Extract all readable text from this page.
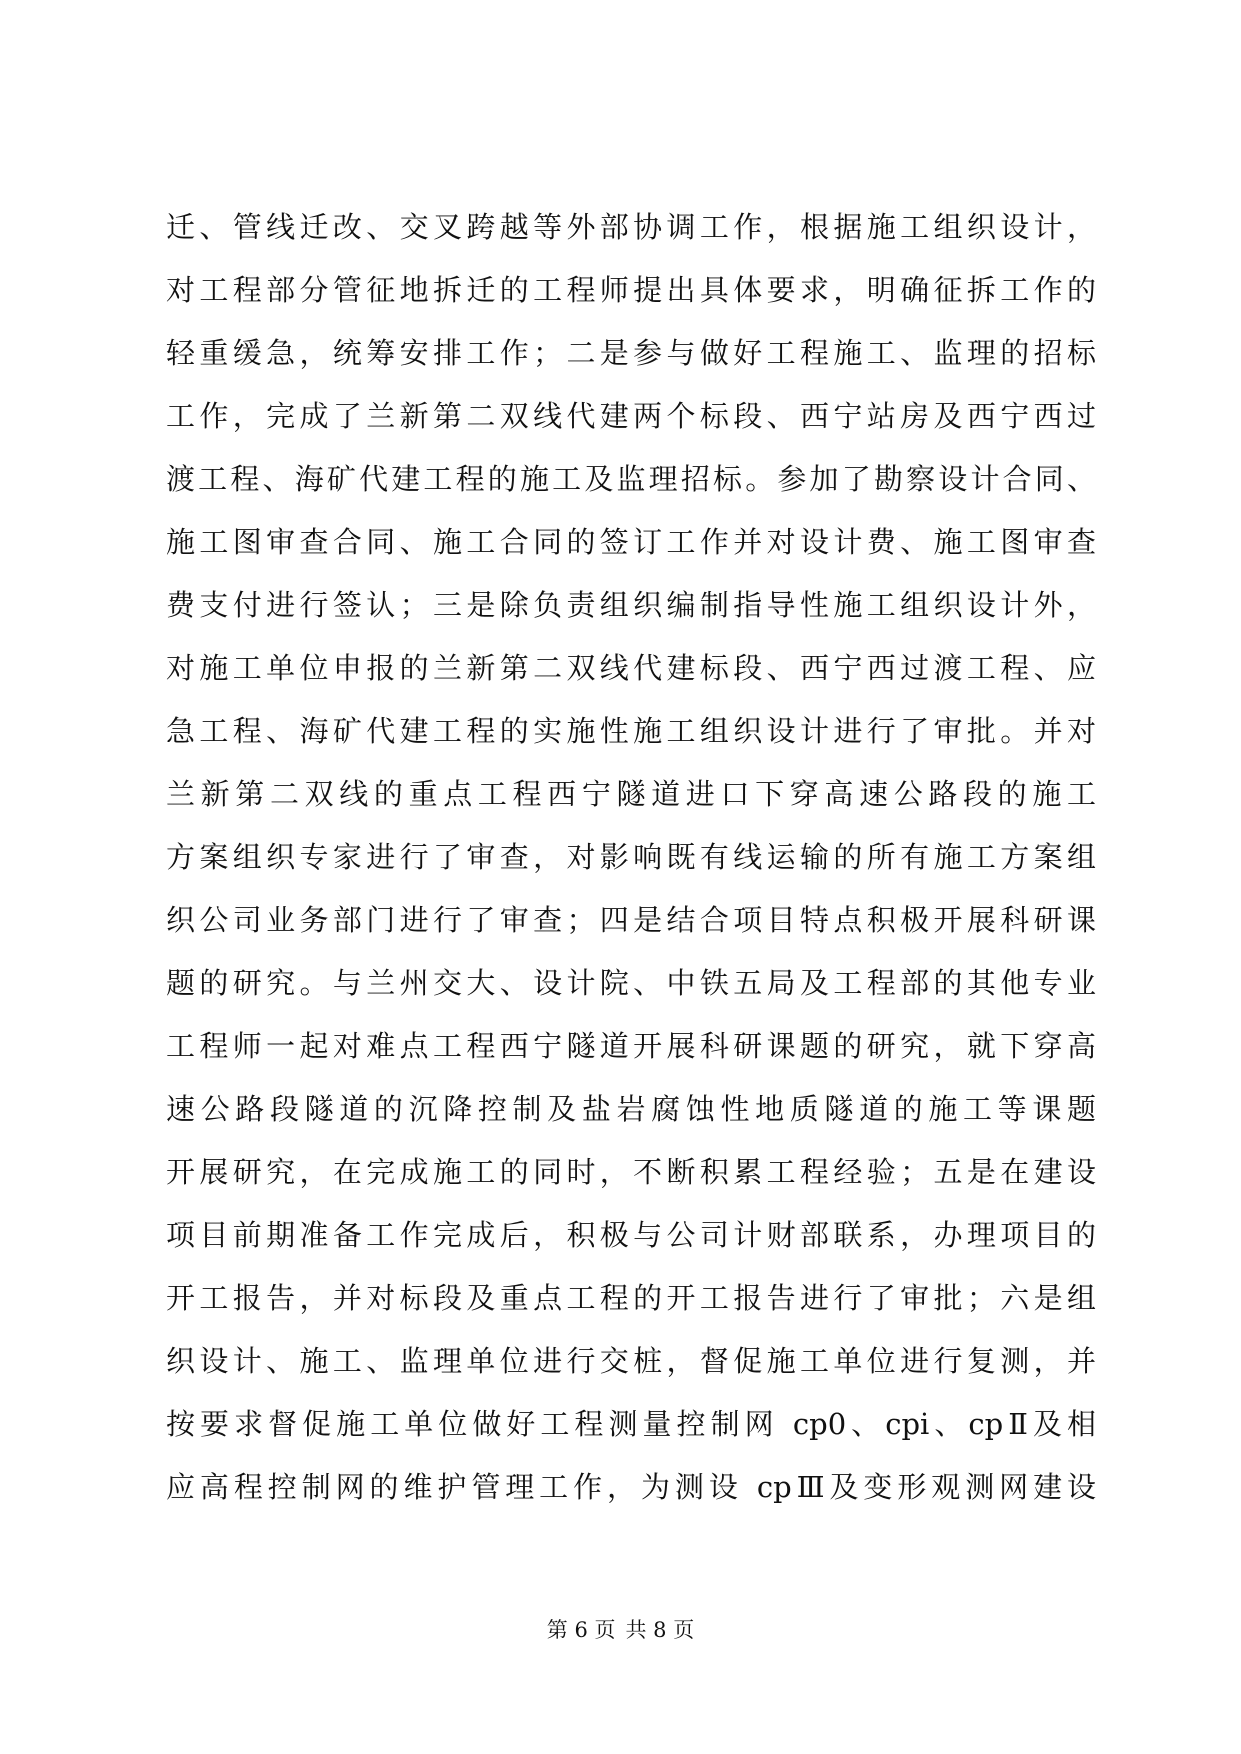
迁、管线迁改、交叉跨越等外部协调工作，根据施工组织设计，
对工程部分管征地拆迁的工程师提出具体要求，明确征拆工作的
轻重缓急，统筹安排工作；二是参与做好工程施工、监理的招标
工作，完成了兰新第二双线代建两个标段、西宁站房及西宁西过
渡工程、海矿代建工程的施工及监理招标。参加了勘察设计合同、
施工图审查合同、施工合同的签订工作并对设计费、施工图审查
费支付进行签认；三是除负责组织编制指导性施工组织设计外，
对施工单位申报的兰新第二双线代建标段、西宁西过渡工程、应
急工程、海矿代建工程的实施性施工组织设计进行了审批。并对
兰新第二双线的重点工程西宁隧道进口下穿高速公路段的施工
方案组织专家进行了审查，对影响既有线运输的所有施工方案组
织公司业务部门进行了审查；四是结合项目特点积极开展科研课
题的研究。与兰州交大、设计院、中铁五局及工程部的其他专业
工程师一起对难点工程西宁隧道开展科研课题的研究，就下穿高
速公路段隧道的沉降控制及盐岩腐蚀性地质隧道的施工等课题
开展研究，在完成施工的同时，不断积累工程经验；五是在建设
项目前期准备工作完成后，积极与公司计财部联系，办理项目的
开工报告，并对标段及重点工程的开工报告进行了审批；六是组
织设计、施工、监理单位进行交桩，督促施工单位进行复测，并
按要求督促施工单位做好工程测量控制网 cp0、cpi、cpⅡ及相
应高程控制网的维护管理工作，为测设 cpⅢ及变形观测网建设
第 6 页 共 8 页
